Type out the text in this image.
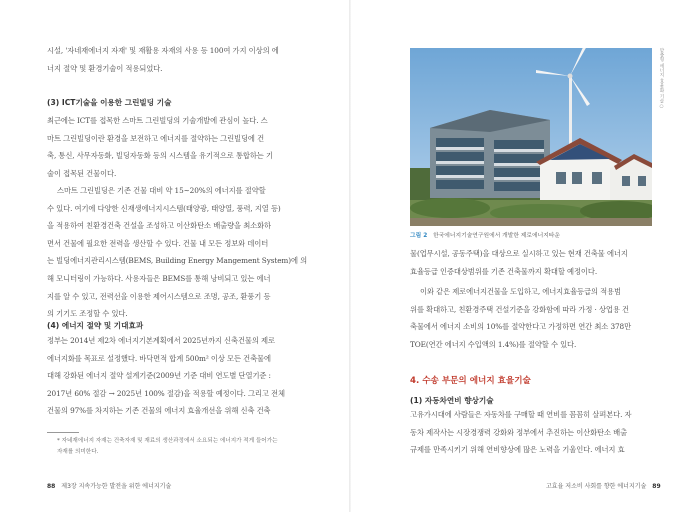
시설, '자네재에너지 자재' 및 재활용 자재의 사용 등 100여 가지 이상의 에
너지 절약 및 환경기술이 적용되었다.
(3) ICT기술을 이용한 그린빌딩 기술
최근에는 ICT를 접목한 스마트 그린빌딩의 기술개발에 관심이 높다. 스
마트 그린빌딩이란 환경을 보전하고 에너지를 절약하는 그린빌딩에 건
축, 통신, 사무자동화, 빌딩자동화 등의 시스템을 유기적으로 통합하는 기
술이 접목된 건물이다.
스마트 그린빌딩은 기존 건물 대비 약 15~20%의 에너지를 절약할
수 있다. 여기에 다양한 신재생에너지시스템(태양광, 태양열, 풍력, 지열 등)
을 적용하여 친환경건축 건설을 조성하고 이산화탄소 배출량을 최소화하
면서 건물에 필요한 전력을 생산할 수 있다. 건물 내 모든 정보와 데이터
는 빌딩에너지관리시스템(BEMS, Building Energy Mangement System)에 의
해 모니터링이 가능하다. 사용자들은 BEMS를 통해 낭비되고 있는 에너
지를 알 수 있고, 전력선을 이용한 제어시스템으로 조명, 공조, 환풍기 등
의 기기도 조정할 수 있다.
(4) 에너지 절약 및 기대효과
정부는 2014년 제2차 에너지기본계획에서 2025년까지 신축건물의 제로
에너지화를 목표로 설정했다. 바닥면적 합계 500m² 이상 모든 건축물에
대해 강화된 에너지 절약 설계기준(2009년 기준 대비 연도별 단열기준 :
2017년 60% 절감 → 2025년 100% 절감)을 적용할 예정이다. 그리고 전체
건물의 97%를 차지하는 기존 건물의 에너지 효율개선을 위해 신축 건축
* 자네재에너지 자재는 건축자재 및 재료의 생산과정에서 소요되는 에너지가 적게 들어가는
자재를 의미한다.
88 제3장 지속가능한 발전을 위한 에너지기술
맞춤형 에너지 효율화 기술 ○
그림 2 한국에너지기술연구원에서 개발한 제로에너지타운
물(업무시설, 공동주택)을 대상으로 실시하고 있는 현재 건축물 에너지
효율등급 인증대상범위를 기존 건축물까지 확대할 예정이다.
이와 같은 제로에너지건물을 도입하고, 에너지효율등급의 적용범
위를 확대하고, 친환경주택 건설기준을 강화함에 따라 가정 · 상업용 건
축물에서 에너지 소비의 10%를 절약한다고 가정하면 연간 최소 378만
TOE(연간 에너지 수입액의 1.4%)를 절약할 수 있다.
4. 수송 부문의 에너지 효율기술
(1) 자동차연비 향상기술
고유가시대에 사람들은 자동차를 구매할 때 연비를 꼼꼼히 살펴본다. 자
동차 제작사는 시장경쟁력 강화와 정부에서 추진하는 이산화탄소 배출
규제를 만족시키기 위해 연비향상에 많은 노력을 기울인다. 에너지 효
고효율 저소비 사회를 향한 에너지기술 89
